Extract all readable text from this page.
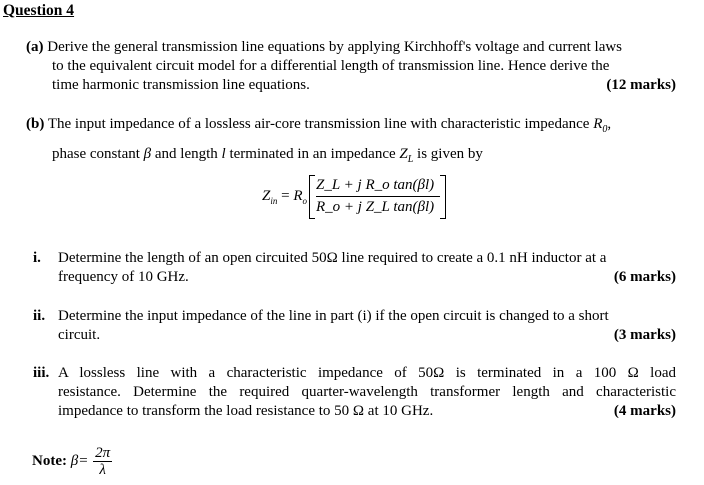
Question 4
(a) Derive the general transmission line equations by applying Kirchhoff's voltage and current laws
to the equivalent circuit model for a differential length of transmission line. Hence derive the
time harmonic transmission line equations.	(12 marks)
(b) The input impedance of a lossless air-core transmission line with characteristic impedance $R_0$,
phase constant β and length l terminated in an impedance $Z_L$ is given by
$Z_{in} = R_o$
Z_L + j R_o tan(βl)
R_o + j Z_L tan(βl)
i. Determine the length of an open circuited 50Ω line required to create a 0.1 nH inductor at a
frequency of 10 GHz.	(6 marks)
ii. Determine the input impedance of the line in part (i) if the open circuit is changed to a short
circuit.	(3 marks)
iii. A lossless line with a characteristic impedance of 50Ω is terminated in a 100 Ω load
resistance. Determine the required quarter-wavelength transformer length and characteristic
impedance to transform the load resistance to 50 Ω at 10 GHz.	(4 marks)
Note: $\beta= \frac{2\pi}{\lambda}$
